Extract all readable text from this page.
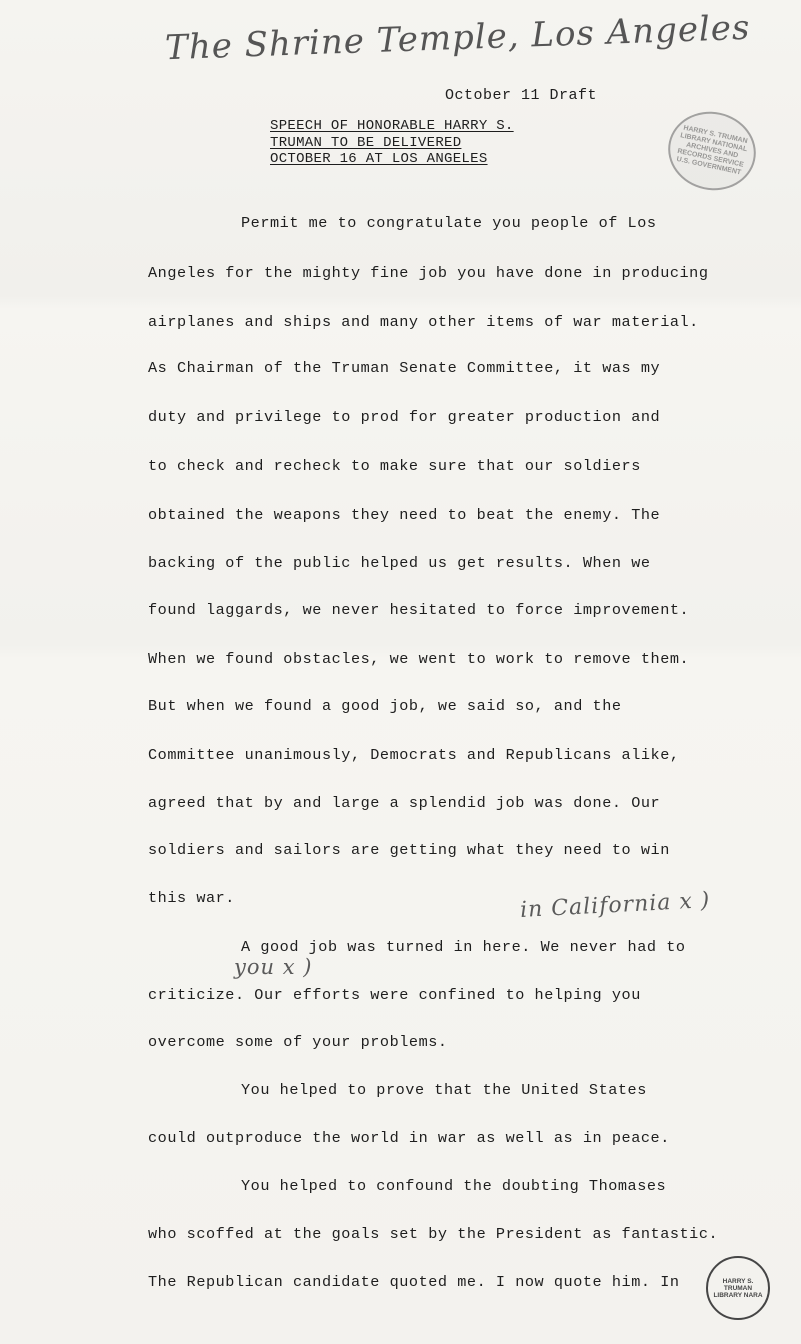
The Shrine Temple, Los Angeles
October 11 Draft
SPEECH OF HONORABLE HARRY S.
TRUMAN TO BE DELIVERED
OCTOBER 16 AT LOS ANGELES
HARRY S. TRUMAN LIBRARY NATIONAL ARCHIVES AND RECORDS SERVICE U.S. GOVERNMENT
Permit me to congratulate you people of Los
Angeles for the mighty fine job you have done in producing
airplanes and ships and many other items of war material.
As Chairman of the Truman Senate Committee, it was my
duty and privilege to prod for greater production and
to check and recheck to make sure that our soldiers
obtained the weapons they need to beat the enemy. The
backing of the public helped us get results. When we
found laggards, we never hesitated to force improvement.
When we found obstacles, we went to work to remove them.
But when we found a good job, we said so, and the
Committee unanimously, Democrats and Republicans alike,
agreed that by and large a splendid job was done. Our
soldiers and sailors are getting what they need to win
this war.	in California x )
A good job was turned in here. We never had to
you x )
criticize. Our efforts were confined to helping you
overcome some of your problems.
You helped to prove that the United States
could outproduce the world in war as well as in peace.
You helped to confound the doubting Thomases
who scoffed at the goals set by the President as fantastic.
The Republican candidate quoted me. I now quote him. In	HARRY S. TRUMAN LIBRARY NARA
